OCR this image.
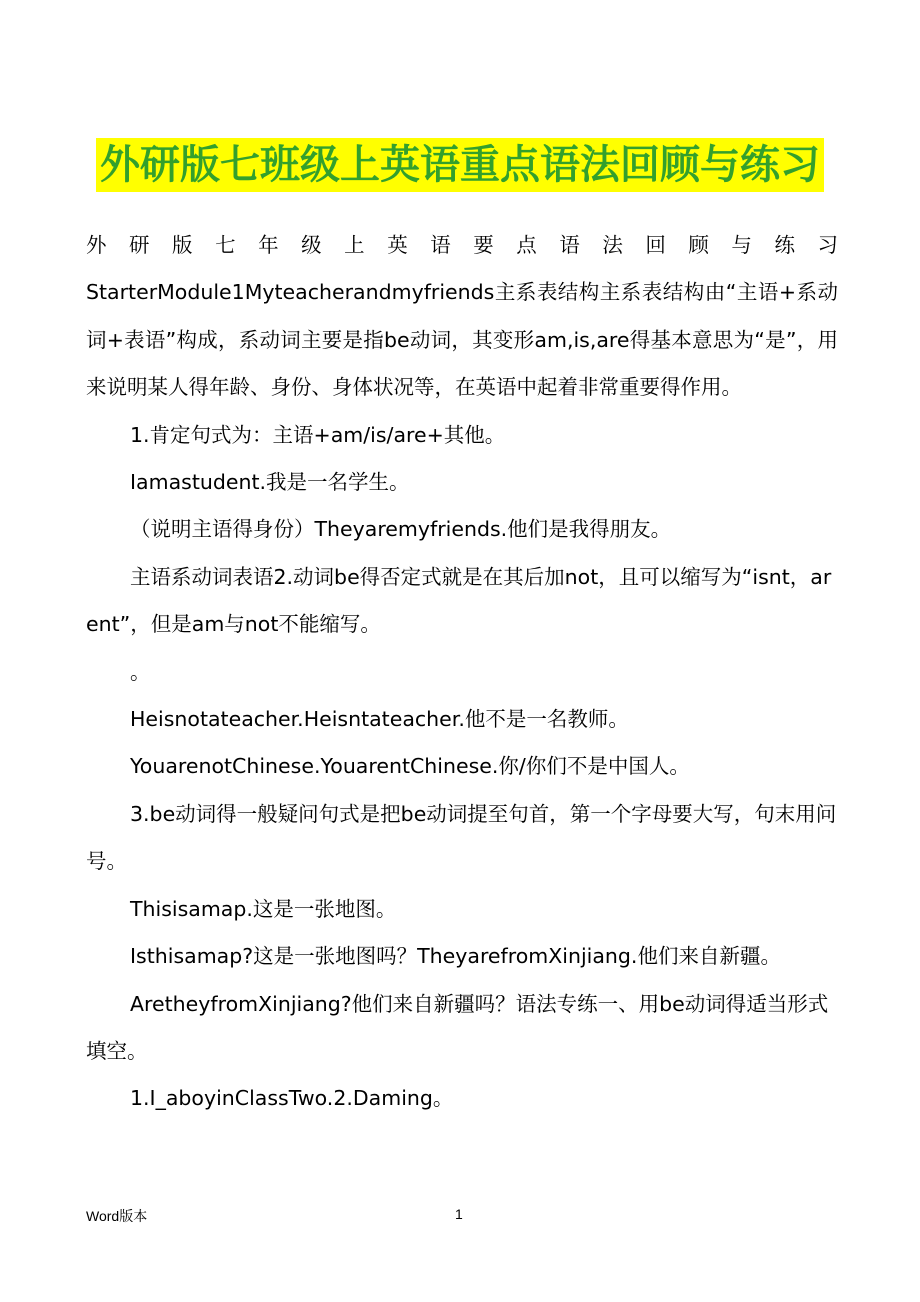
外研版七班级上英语重点语法回顾与练习

外 研 版 七 年 级 上 英 语 要 点 语 法 回 顾 与 练 习

StarterModule1Myteacherandmyfriends主系表结构主系表结构由“主语+系动词+表语”构成，系动词主要是指be动词，其变形am,is,are得基本意思为“是”，用来说明某人得年龄、身份、身体状况等，在英语中起着非常重要得作用。

1.肯定句式为：主语+am/is/are+其他。

Iamastudent.我是一名学生。

（说明主语得身份）Theyaremyfriends.他们是我得朋友。

主语系动词表语2.动词be得否定式就是在其后加not，且可以缩写为“isnt，arent”，但是am与not不能缩写。

。

Heisnotateacher.Heisntateacher.他不是一名教师。

YouarenotChinese.YouarentChinese.你/你们不是中国人。

3.be动词得一般疑问句式是把be动词提至句首，第一个字母要大写，句末用问号。

Thisisamap.这是一张地图。

Isthisamap?这是一张地图吗？TheyarefromXinjiang.他们来自新疆。

AretheyfromXinjiang?他们来自新疆吗？语法专练一、用be动词得适当形式填空。

1.I_aboyinClassTwo.2.Daming。

Word版本	1
